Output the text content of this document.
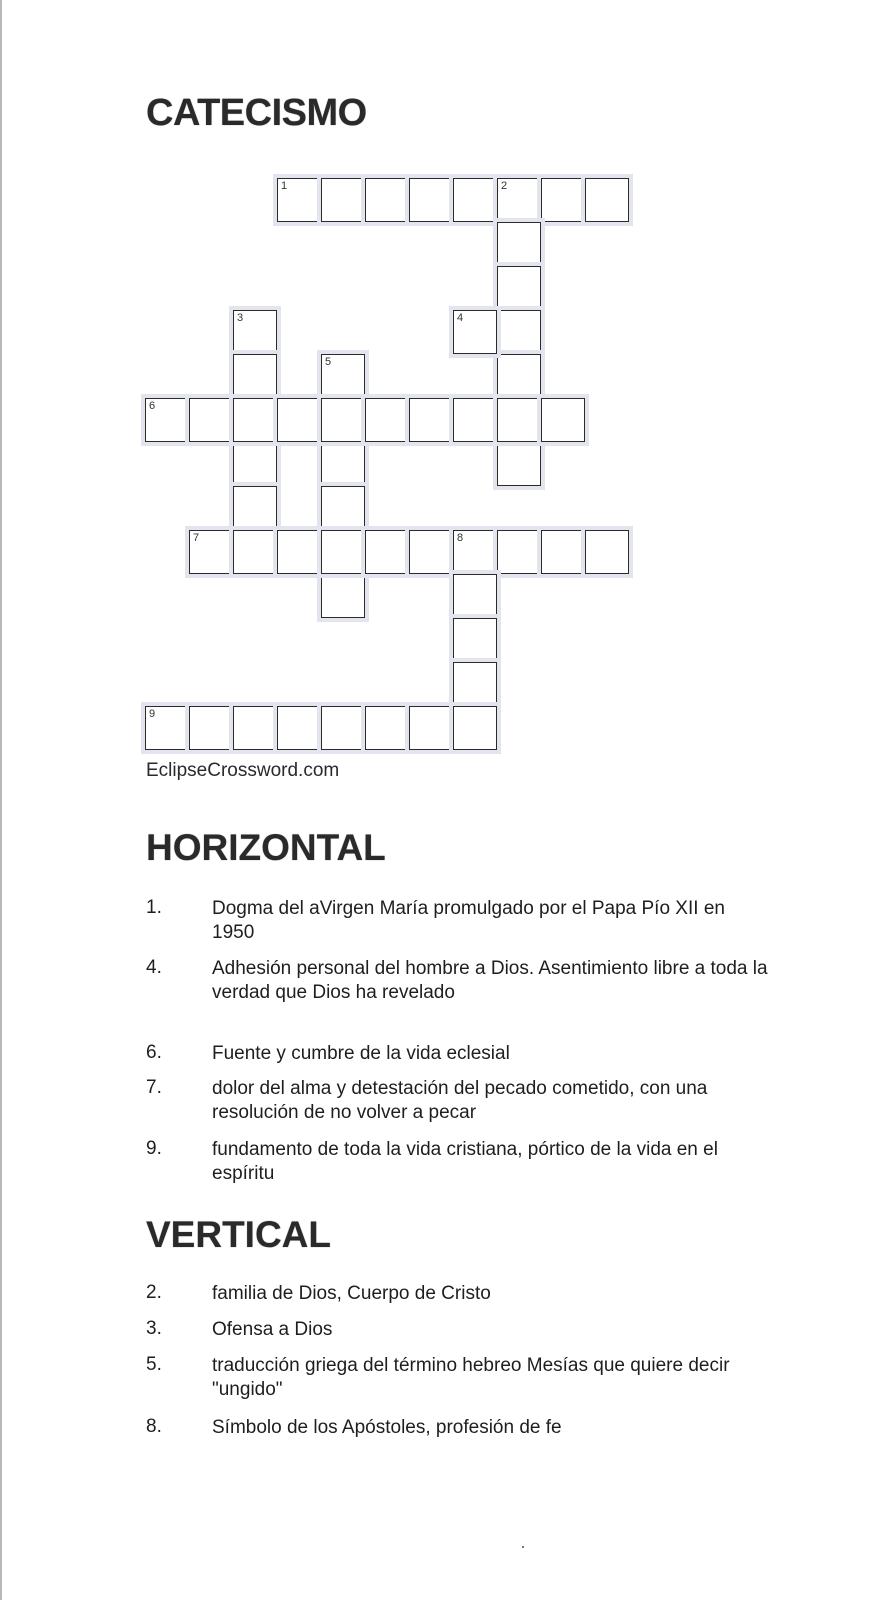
CATECISMO
1	2
4
3
5
6
7	8
9

EclipseCrossword.com

HORIZONTAL
1.	Dogma del aVirgen María promulgado por el Papa Pío XII en 1950
4.	Adhesión personal del hombre a Dios. Asentimiento libre a toda la verdad que Dios ha revelado
6.	Fuente y cumbre de la vida eclesial
7.	dolor del alma y detestación del pecado cometido, con una resolución de no volver a pecar
9.	fundamento de toda la vida cristiana, pórtico de la vida en el espíritu
VERTICAL
2.	familia de Dios, Cuerpo de Cristo
3.	Ofensa a Dios
5.	traducción griega del término hebreo Mesías que quiere decir "ungido"
8.	Símbolo de los Apóstoles, profesión de fe
